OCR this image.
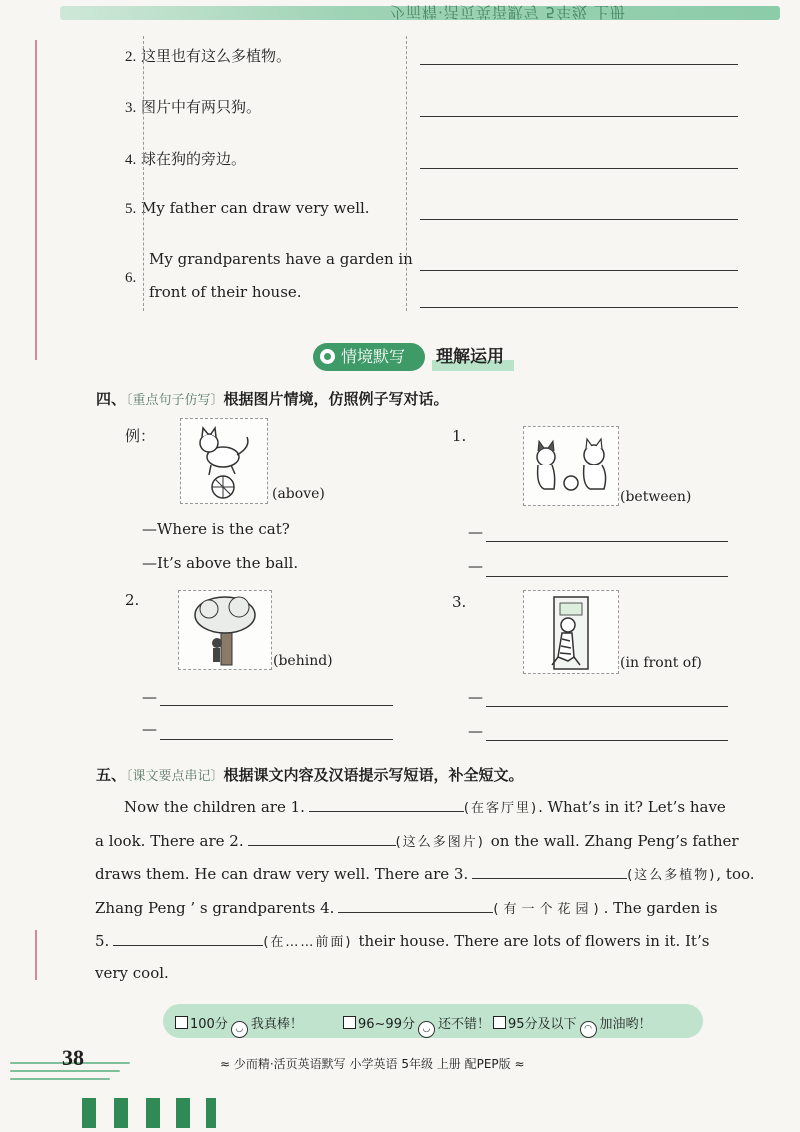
少而精·活页英语默写 5年级 上册
2. 这里也有这么多植物。
3. 图片中有两只狗。
4. 球在狗的旁边。
5. My father can draw very well.
6.
My grandparents have a garden in
front of their house.
情境默写 理解运用
四、〔重点句子仿写〕根据图片情境，仿照例子写对话。
例：
(above)
—Where is the cat?
—It’s above the ball.
1.
(between)
—
—
2.
(behind)
—
—
3.
(in front of)
—
—
五、〔课文要点串记〕根据课文内容及汉语提示写短语，补全短文。
Now the children are 1.	(在客厅里). What’s in it? Let’s have
a look. There are 2.	(这么多图片) on the wall. Zhang Peng’s father
draws them. He can draw very well. There are 3.	(这么多植物), too.
Zhang Peng ’ s grandparents 4.	(有一个花园). The garden is
5.	(在……前面) their house. There are lots of flowers in it. It’s
very cool.
100分 ◡ 我真棒！	96~99分 ◡ 还不错！	95分及以下 ◠ 加油哟！
38	≈ 少而精·活页英语默写 小学英语 5年级 上册 配PEP版 ≈
